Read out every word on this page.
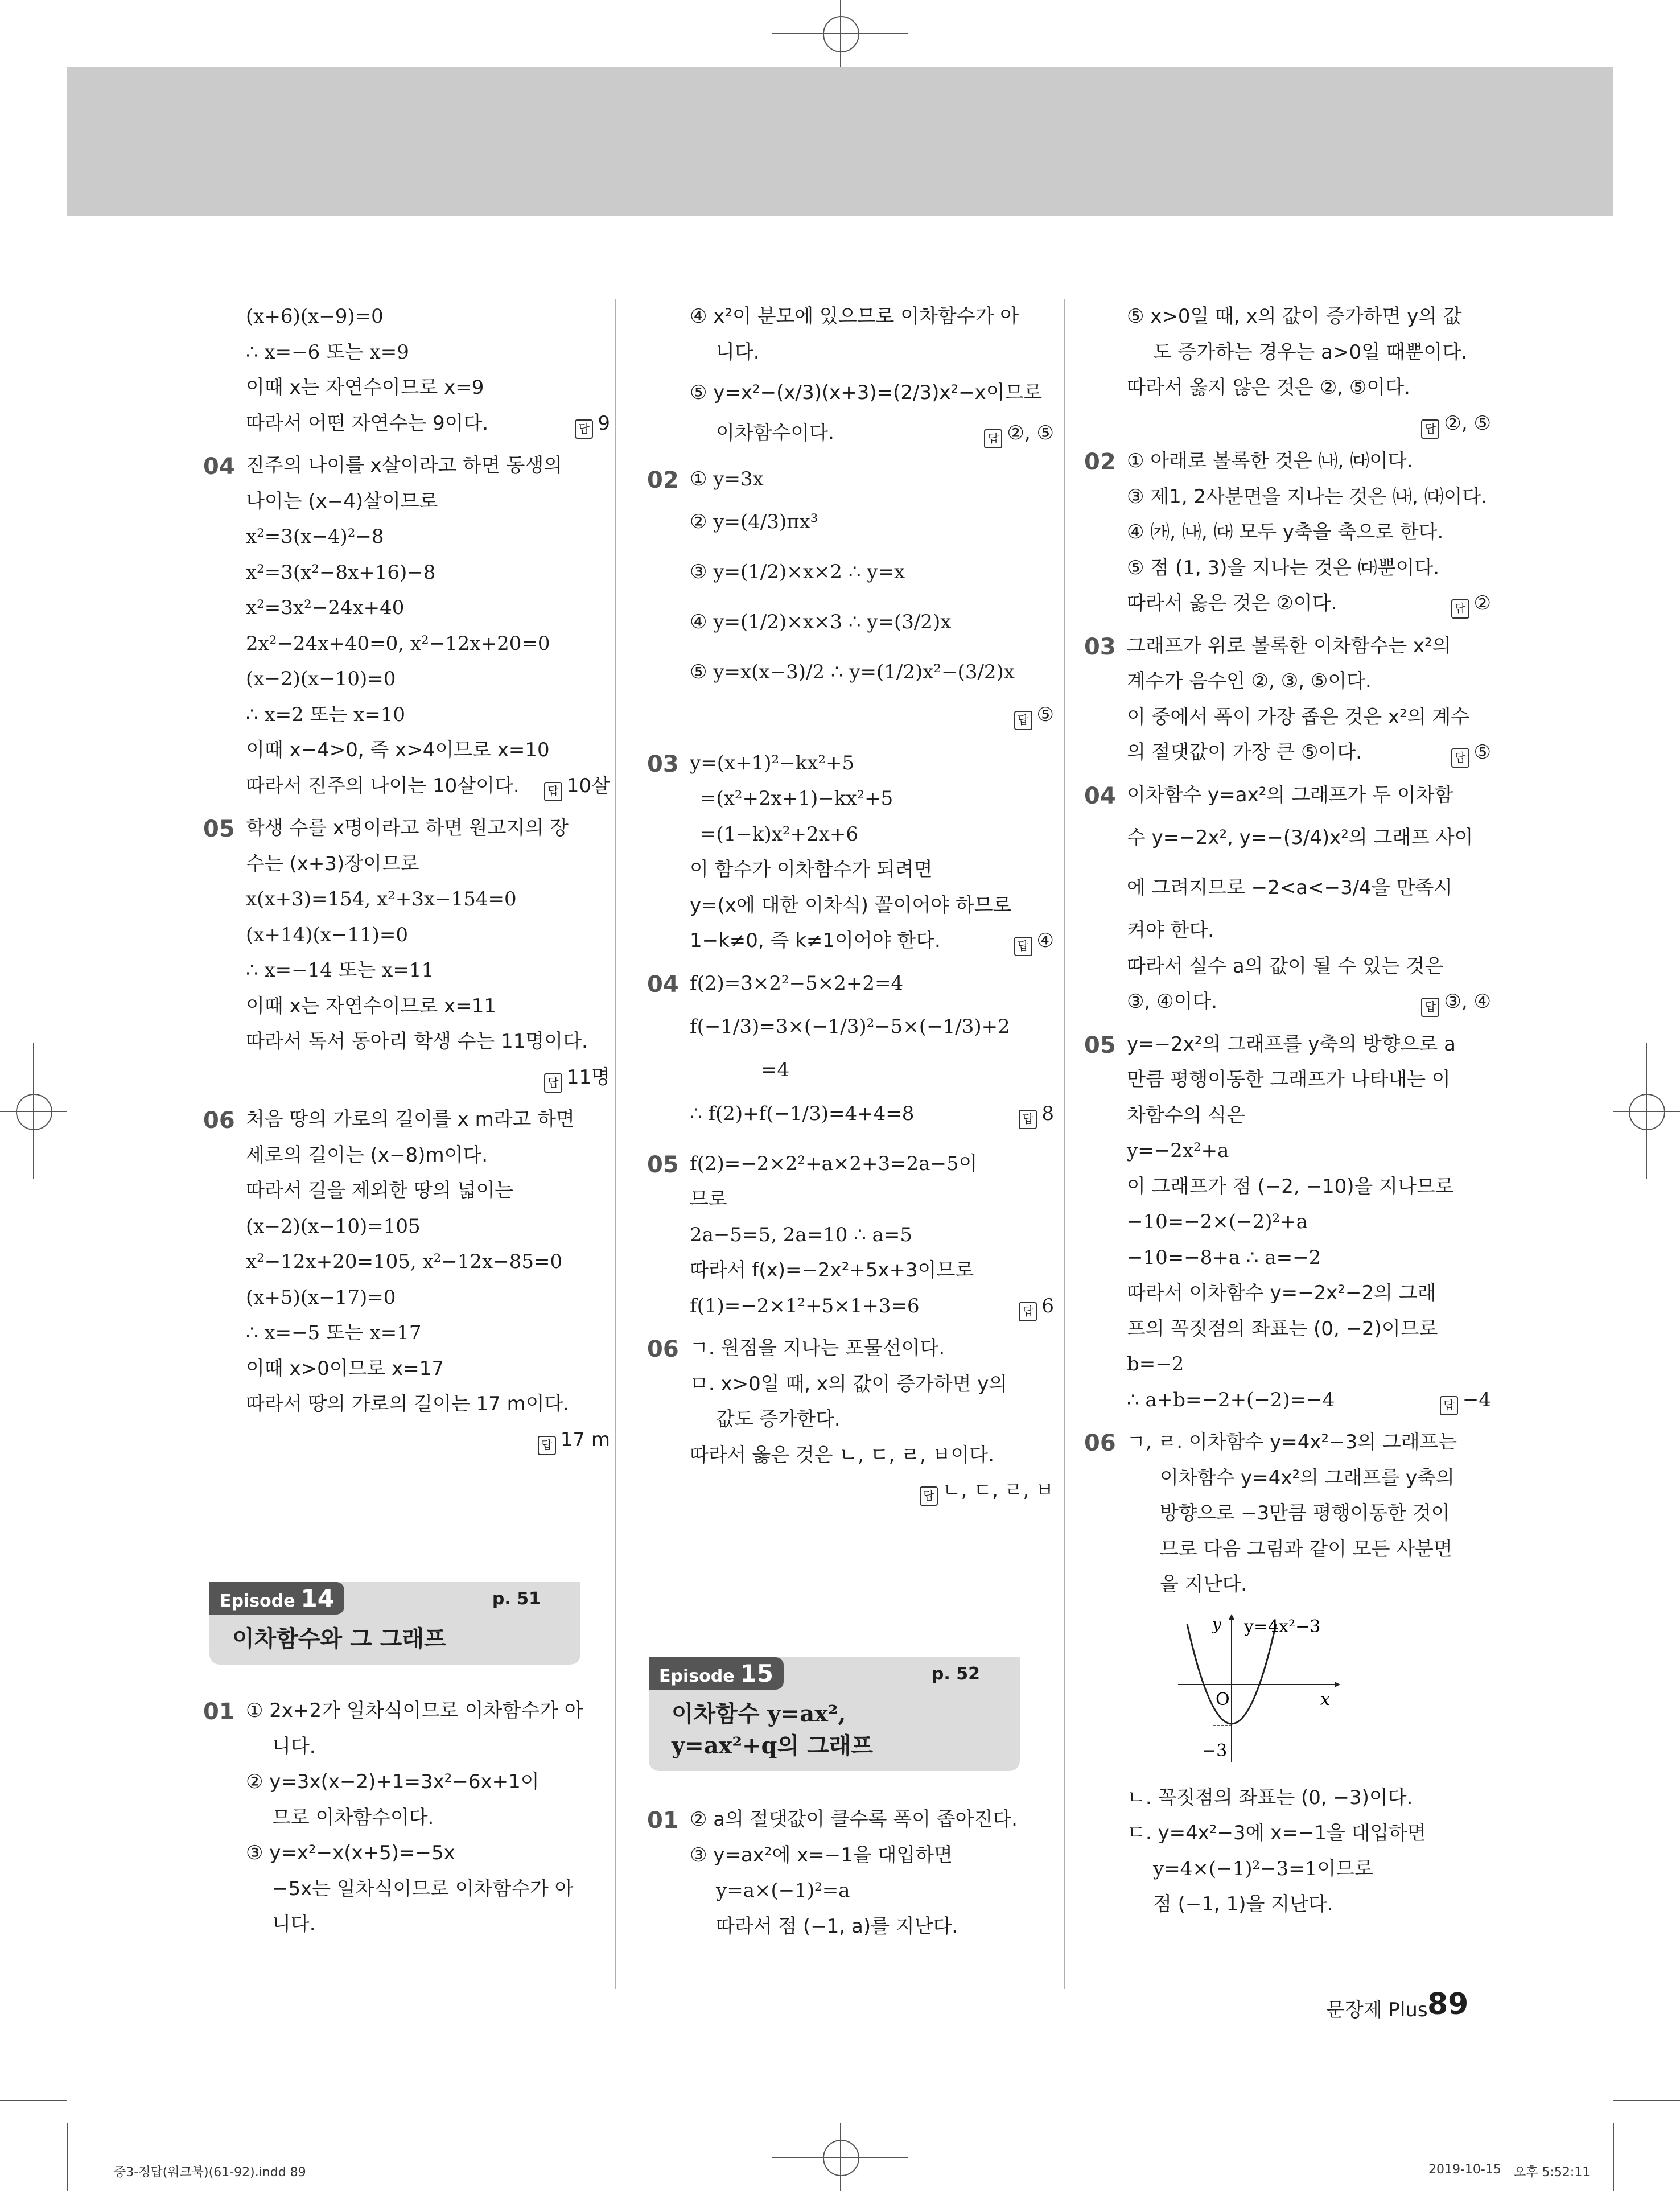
(x+6)(x−9)=0
∴ x=−6 또는 x=9
이때 x는 자연수이므로 x=9
따라서 어떤 자연수는 9이다.	답 9
04 진주의 나이를 x살이라고 하면 동생의
나이는 (x−4)살이므로
x²=3(x−4)²−8
x²=3(x²−8x+16)−8
x²=3x²−24x+40
2x²−24x+40=0, x²−12x+20=0
(x−2)(x−10)=0
∴ x=2 또는 x=10
이때 x−4>0, 즉 x>4이므로 x=10
따라서 진주의 나이는 10살이다.	답 10살
05 학생 수를 x명이라고 하면 원고지의 장
수는 (x+3)장이므로
x(x+3)=154, x²+3x−154=0
(x+14)(x−11)=0
∴ x=−14 또는 x=11
이때 x는 자연수이므로 x=11
따라서 독서 동아리 학생 수는 11명이다.
답 11명

06 처음 땅의 가로의 길이를 x m라고 하면
세로의 길이는 (x−8)m이다.
따라서 길을 제외한 땅의 넓이는
(x−2)(x−10)=105
x²−12x+20=105, x²−12x−85=0
(x+5)(x−17)=0
∴ x=−5 또는 x=17
이때 x>0이므로 x=17
따라서 땅의 가로의 길이는 17 m이다.
답 17 m

Episode 14	p. 51
이차함수와 그 그래프
01 ① 2x+2가 일차식이므로 이차함수가 아
니다.
② y=3x(x−2)+1=3x²−6x+1이
므로 이차함수이다.
③ y=x²−x(x+5)=−5x
−5x는 일차식이므로 이차함수가 아
니다.
④ x²이 분모에 있으므로 이차함수가 아
니다.
⑤ y=x²−(x/3)(x+3)=(2/3)x²−x이므로
이차함수이다.	답 ②, ⑤
02 ① y=3x
② y=(4/3)πx³
③ y=(1/2)×x×2 ∴ y=x
④ y=(1/2)×x×3 ∴ y=(3/2)x
⑤ y=x(x−3)/2 ∴ y=(1/2)x²−(3/2)x
답 ⑤

03 y=(x+1)²−kx²+5
=(x²+2x+1)−kx²+5
=(1−k)x²+2x+6
이 함수가 이차함수가 되려면
y=(x에 대한 이차식) 꼴이어야 하므로
1−k≠0, 즉 k≠1이어야 한다.	답 ④
04 f(2)=3×2²−5×2+2=4
f(−1/3)=3×(−1/3)²−5×(−1/3)+2
=4
∴ f(2)+f(−1/3)=4+4=8	답 8
05 f(2)=−2×2²+a×2+3=2a−5이
므로
2a−5=5, 2a=10 ∴ a=5
따라서 f(x)=−2x²+5x+3이므로
f(1)=−2×1²+5×1+3=6	답 6
06 ㄱ. 원점을 지나는 포물선이다.
ㅁ. x>0일 때, x의 값이 증가하면 y의
값도 증가한다.
따라서 옳은 것은 ㄴ, ㄷ, ㄹ, ㅂ이다.
답 ㄴ, ㄷ, ㄹ, ㅂ

Episode 15	p. 52
이차함수 y=ax²,
y=ax²+q의 그래프
01 ② a의 절댓값이 클수록 폭이 좁아진다.
③ y=ax²에 x=−1을 대입하면
y=a×(−1)²=a
따라서 점 (−1, a)를 지난다.
⑤ x>0일 때, x의 값이 증가하면 y의 값
도 증가하는 경우는 a>0일 때뿐이다.
따라서 옳지 않은 것은 ②, ⑤이다.
답 ②, ⑤

02 ① 아래로 볼록한 것은 ㈏, ㈐이다.
③ 제1, 2사분면을 지나는 것은 ㈏, ㈐이다.
④ ㈎, ㈏, ㈐ 모두 y축을 축으로 한다.
⑤ 점 (1, 3)을 지나는 것은 ㈐뿐이다.
따라서 옳은 것은 ②이다.	답 ②
03 그래프가 위로 볼록한 이차함수는 x²의
계수가 음수인 ②, ③, ⑤이다.
이 중에서 폭이 가장 좁은 것은 x²의 계수
의 절댓값이 가장 큰 ⑤이다.	답 ⑤
04 이차함수 y=ax²의 그래프가 두 이차함
수 y=−2x², y=−(3/4)x²의 그래프 사이
에 그려지므로 −2<a<−3/4을 만족시
켜야 한다.
따라서 실수 a의 값이 될 수 있는 것은
③, ④이다.	답 ③, ④
05 y=−2x²의 그래프를 y축의 방향으로 a
만큼 평행이동한 그래프가 나타내는 이
차함수의 식은
y=−2x²+a
이 그래프가 점 (−2, −10)을 지나므로
−10=−2×(−2)²+a
−10=−8+a ∴ a=−2
따라서 이차함수 y=−2x²−2의 그래
프의 꼭짓점의 좌표는 (0, −2)이므로
b=−2
∴ a+b=−2+(−2)=−4	답 −4
06 ㄱ, ㄹ. 이차함수 y=4x²−3의 그래프는
이차함수 y=4x²의 그래프를 y축의
방향으로 −3만큼 평행이동한 것이
므로 다음 그림과 같이 모든 사분면
을 지난다.
y y=4x²−3
O	x
−3
ㄴ. 꼭짓점의 좌표는 (0, −3)이다.
ㄷ. y=4x²−3에 x=−1을 대입하면
y=4×(−1)²−3=1이므로
점 (−1, 1)을 지난다.
문장제 Plus 89
중3-정답(워크북)(61-92).indd 89	2019-10-15 오후 5:52:11
